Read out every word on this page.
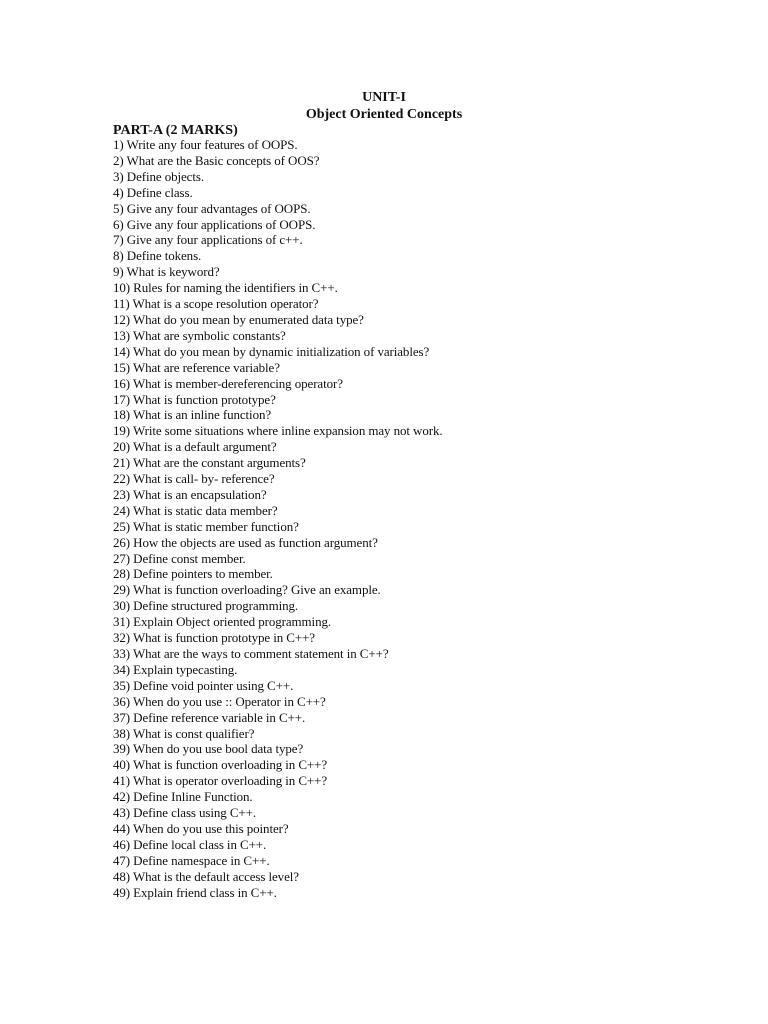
UNIT-I
Object Oriented Concepts
PART-A (2 MARKS)
1) Write any four features of OOPS.
2) What are the Basic concepts of OOS?
3) Define objects.
4) Define class.
5) Give any four advantages of OOPS.
6) Give any four applications of OOPS.
7) Give any four applications of c++.
8) Define tokens.
9) What is keyword?
10) Rules for naming the identifiers in C++.
11) What is a scope resolution operator?
12) What do you mean by enumerated data type?
13) What are symbolic constants?
14) What do you mean by dynamic initialization of variables?
15) What are reference variable?
16) What is member-dereferencing operator?
17) What is function prototype?
18) What is an inline function?
19) Write some situations where inline expansion may not work.
20) What is a default argument?
21) What are the constant arguments?
22) What is call- by- reference?
23) What is an encapsulation?
24) What is static data member?
25) What is static member function?
26) How the objects are used as function argument?
27) Define const member.
28) Define pointers to member.
29) What is function overloading? Give an example.
30) Define structured programming.
31) Explain Object oriented programming.
32) What is function prototype in C++?
33) What are the ways to comment statement in C++?
34) Explain typecasting.
35) Define void pointer using C++.
36) When do you use :: Operator in C++?
37) Define reference variable in C++.
38) What is const qualifier?
39) When do you use bool data type?
40) What is function overloading in C++?
41) What is operator overloading in C++?
42) Define Inline Function.
43) Define class using C++.
44) When do you use this pointer?
46) Define local class in C++.
47) Define namespace in C++.
48) What is the default access level?
49) Explain friend class in C++.
